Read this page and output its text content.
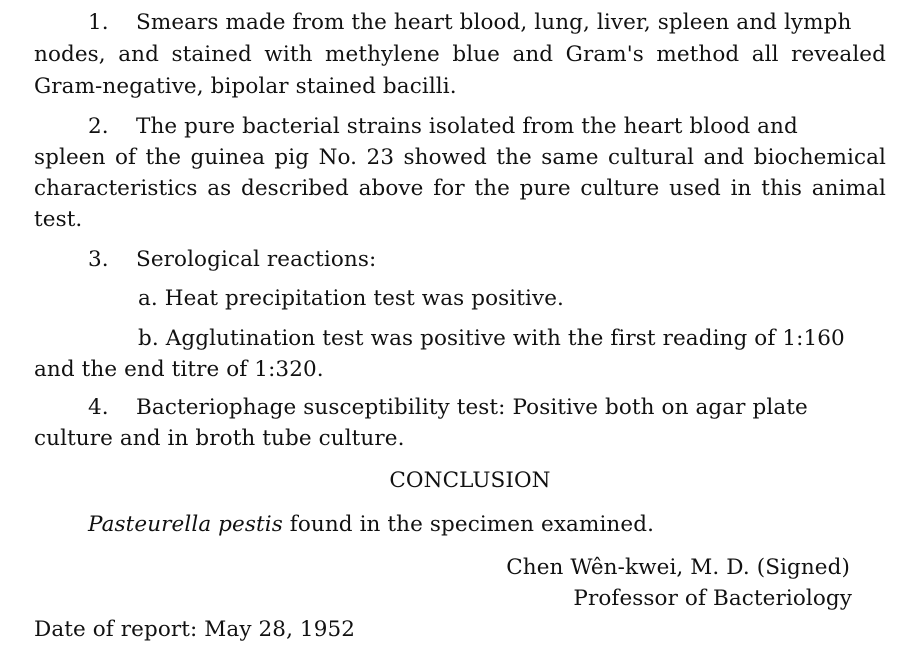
1. Smears made from the heart blood, lung, liver, spleen and lymph
nodes, and stained with methylene blue and Gram's method all revealed
Gram-negative, bipolar stained bacilli.
2. The pure bacterial strains isolated from the heart blood and
spleen of the guinea pig No. 23 showed the same cultural and biochemical
characteristics as described above for the pure culture used in this animal
test.
3. Serological reactions:
a. Heat precipitation test was positive.
b. Agglutination test was positive with the first reading of 1:160
and the end titre of 1:320.
4. Bacteriophage susceptibility test: Positive both on agar plate
culture and in broth tube culture.
CONCLUSION
Pasteurella pestis found in the specimen examined.
Chen Wên-kwei, M. D. (Signed)
Professor of Bacteriology
Date of report: May 28, 1952
